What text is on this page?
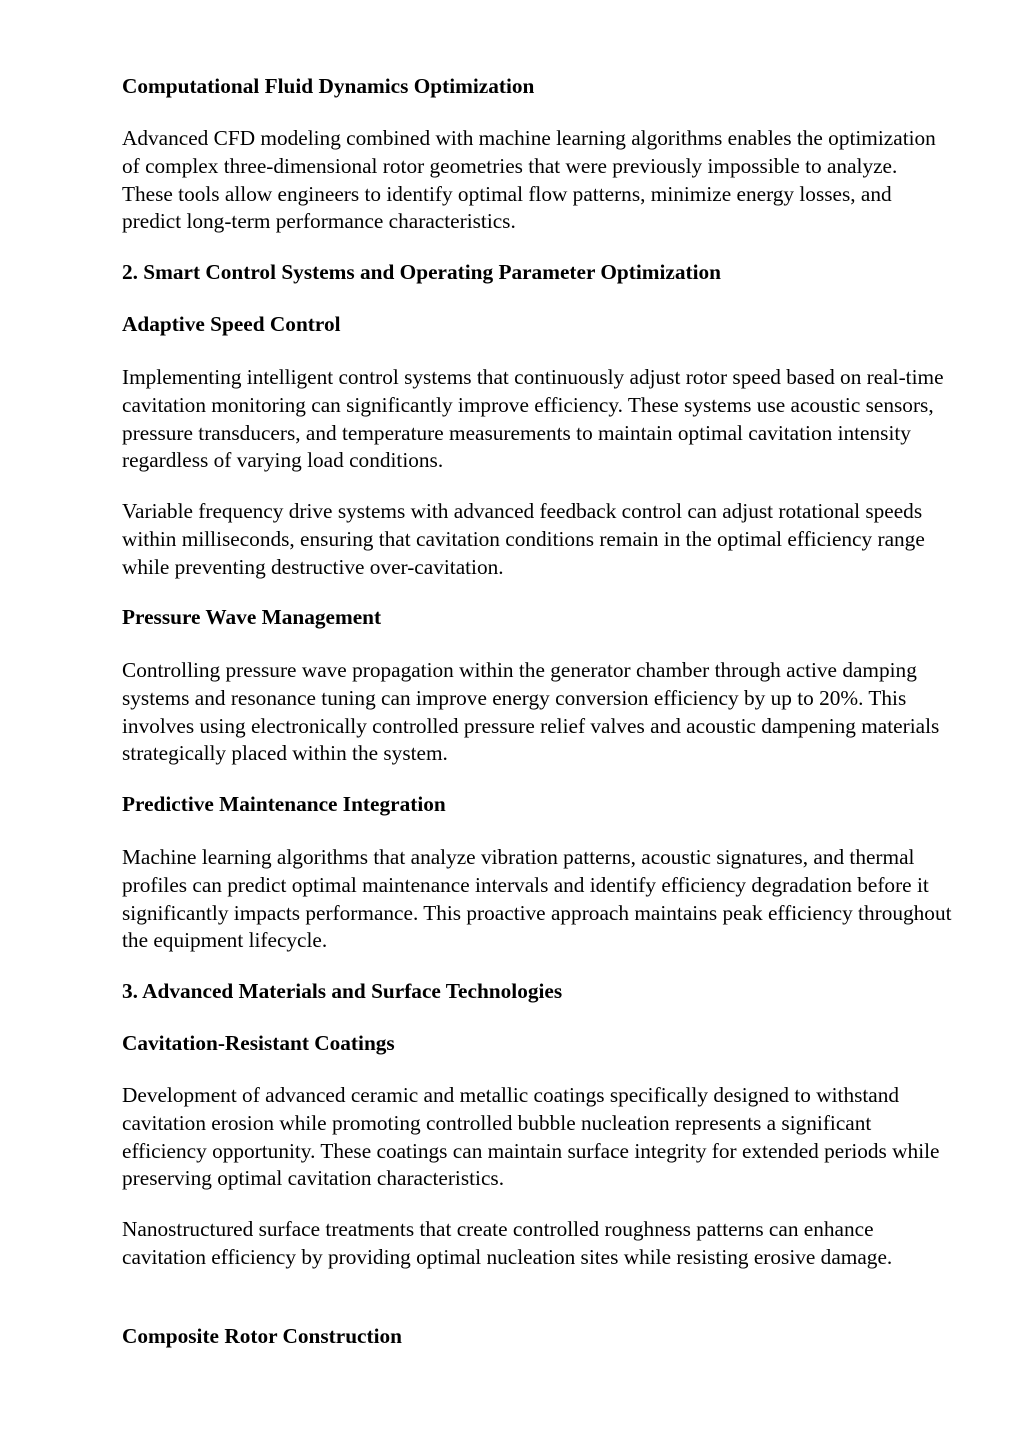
Computational Fluid Dynamics Optimization

Advanced CFD modeling combined with machine learning algorithms enables the optimization of complex three-dimensional rotor geometries that were previously impossible to analyze. These tools allow engineers to identify optimal flow patterns, minimize energy losses, and predict long-term performance characteristics.

2. Smart Control Systems and Operating Parameter Optimization
Adaptive Speed Control

Implementing intelligent control systems that continuously adjust rotor speed based on real-time cavitation monitoring can significantly improve efficiency. These systems use acoustic sensors, pressure transducers, and temperature measurements to maintain optimal cavitation intensity regardless of varying load conditions.

Variable frequency drive systems with advanced feedback control can adjust rotational speeds within milliseconds, ensuring that cavitation conditions remain in the optimal efficiency range while preventing destructive over-cavitation.

Pressure Wave Management

Controlling pressure wave propagation within the generator chamber through active damping systems and resonance tuning can improve energy conversion efficiency by up to 20%. This involves using electronically controlled pressure relief valves and acoustic dampening materials strategically placed within the system.

Predictive Maintenance Integration

Machine learning algorithms that analyze vibration patterns, acoustic signatures, and thermal profiles can predict optimal maintenance intervals and identify efficiency degradation before it significantly impacts performance. This proactive approach maintains peak efficiency throughout the equipment lifecycle.

3. Advanced Materials and Surface Technologies
Cavitation-Resistant Coatings

Development of advanced ceramic and metallic coatings specifically designed to withstand cavitation erosion while promoting controlled bubble nucleation represents a significant efficiency opportunity. These coatings can maintain surface integrity for extended periods while preserving optimal cavitation characteristics.

Nanostructured surface treatments that create controlled roughness patterns can enhance cavitation efficiency by providing optimal nucleation sites while resisting erosive damage.

Composite Rotor Construction
